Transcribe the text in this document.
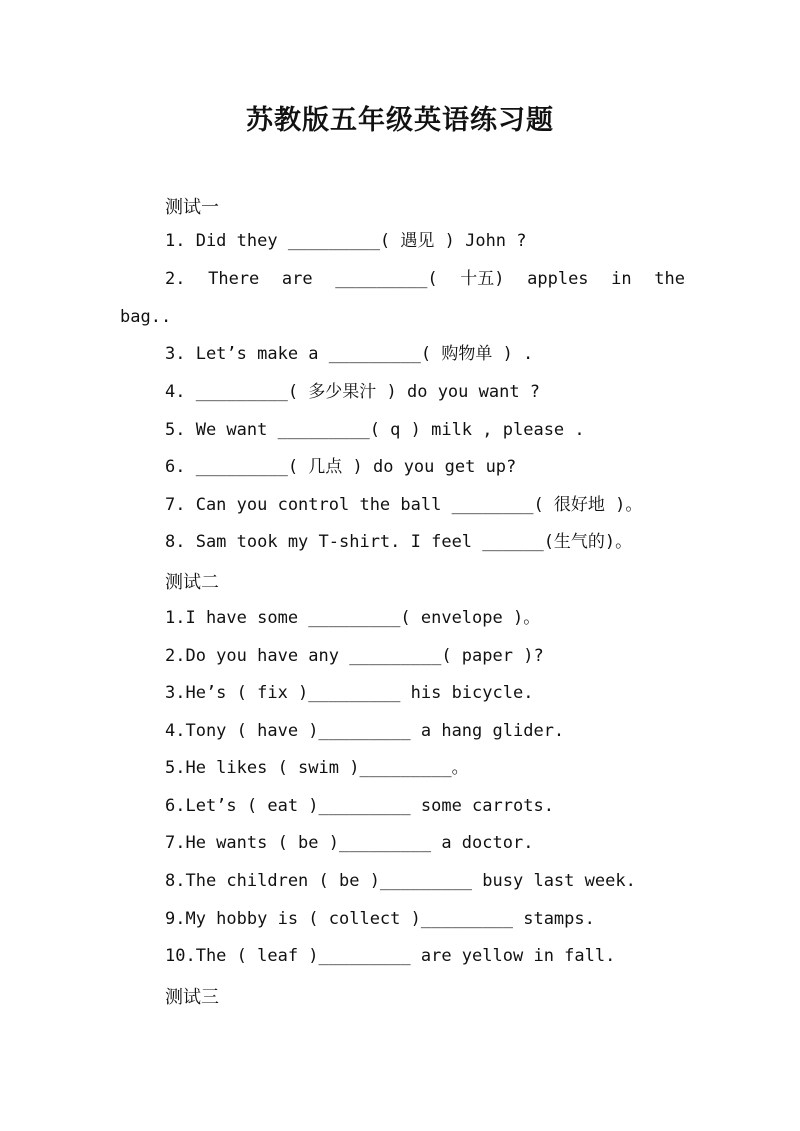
苏教版五年级英语练习题
测试一
1. Did they _________( 遇见 ) John ?
2. There are _________( 十五) apples in the
bag..
3. Let’s make a _________( 购物单 ) .
4. _________( 多少果汁 ) do you want ?
5. We want _________( q ) milk , please .
6. _________( 几点 ) do you get up?
7. Can you control the ball ________( 很好地 )。
8. Sam took my T-shirt. I feel ______(生气的)。
测试二
1.I have some _________( envelope )。
2.Do you have any _________( paper )?
3.He’s ( fix )_________ his bicycle.
4.Tony ( have )_________ a hang glider.
5.He likes ( swim )_________。
6.Let’s ( eat )_________ some carrots.
7.He wants ( be )_________ a doctor.
8.The children ( be )_________ busy last week.
9.My hobby is ( collect )_________ stamps.
10.The ( leaf )_________ are yellow in fall.
测试三
